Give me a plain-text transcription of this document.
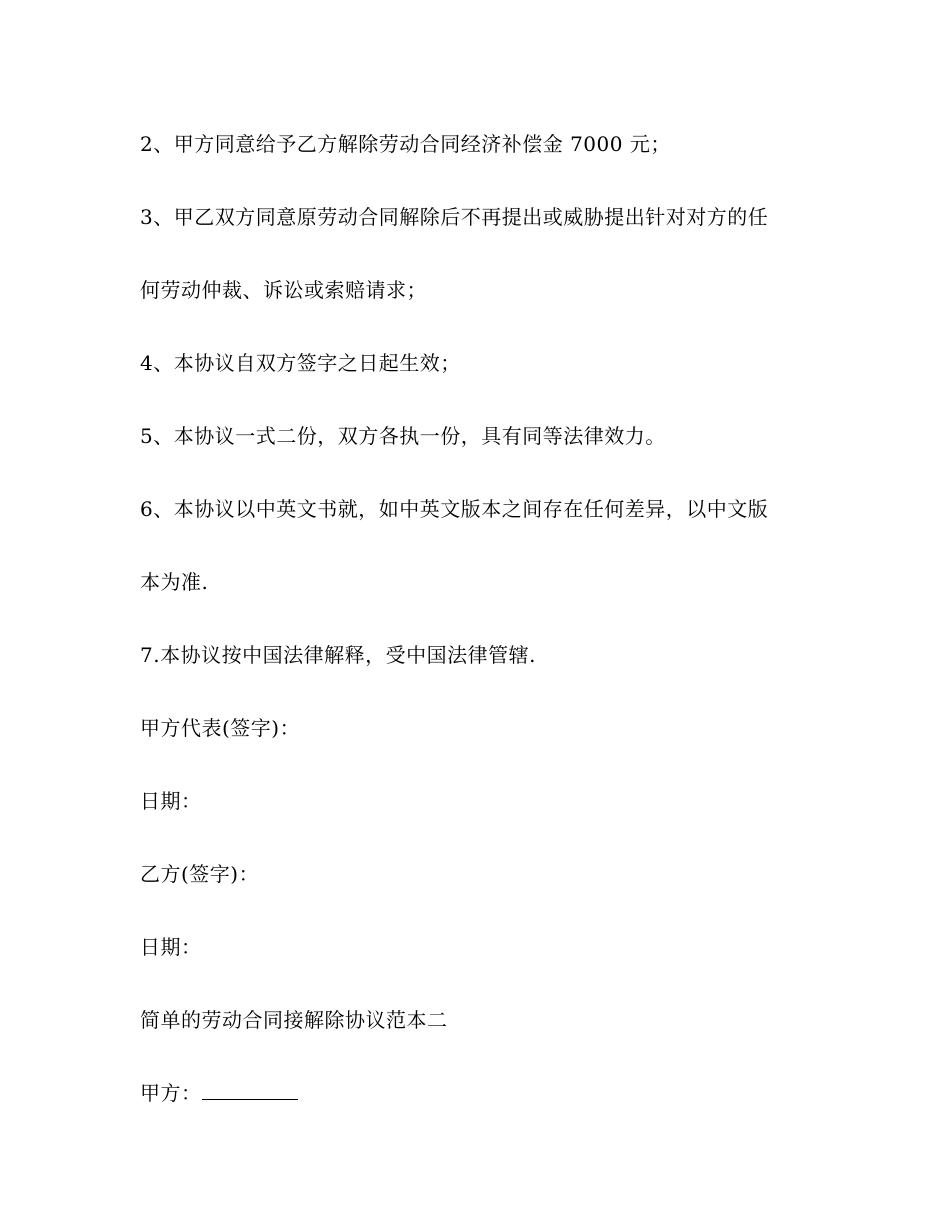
2、甲方同意给予乙方解除劳动合同经济补偿金 7000 元；
3、甲乙双方同意原劳动合同解除后不再提出或威胁提出针对对方的任
何劳动仲裁、诉讼或索赔请求；
4、本协议自双方签字之日起生效；
5、本协议一式二份，双方各执一份，具有同等法律效力。
6、本协议以中英文书就，如中英文版本之间存在任何差异，以中文版
本为准.
7.本协议按中国法律解释，受中国法律管辖.
甲方代表(签字)：
日期：
乙方(签字)：
日期：
简单的劳动合同接解除协议范本二
甲方：
